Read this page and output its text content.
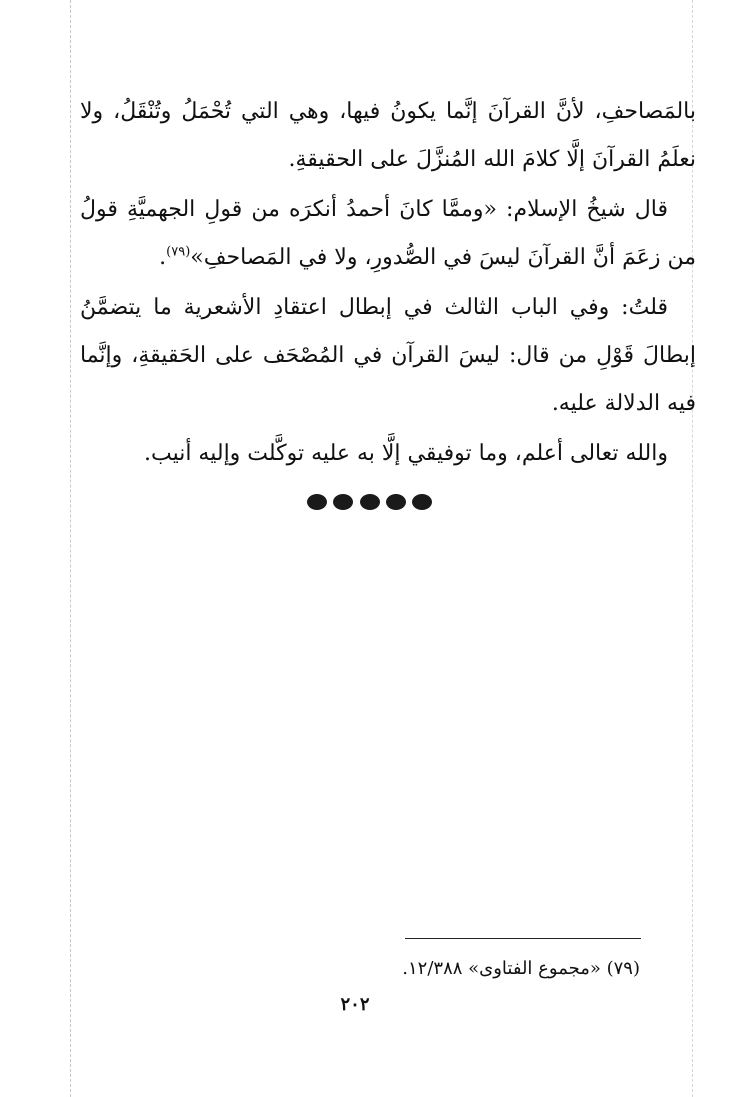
بالمَصاحفِ، لأنَّ القرآنَ إنَّما يكونُ فيها، وهي التي تُحْمَلُ وتُنْقَلُ، ولا نعلَمُ القرآنَ إلَّا كلامَ الله المُنزَّلَ على الحقيقةِ.

قال شيخُ الإسلام: «وممَّا كانَ أحمدُ أنكرَه من قولِ الجهميَّةِ قولُ من زعَمَ أنَّ القرآنَ ليسَ في الصُّدورِ، ولا في المَصاحفِ»$^{(٧٩)}$.

قلتُ: وفي الباب الثالث في إبطال اعتقادِ الأشعرية ما يتضمَّنُ إبطالَ قَوْلِ من قال: ليسَ القرآن في المُصْحَف على الحَقيقةِ، وإنَّما فيه الدلالة عليه.

والله تعالى أعلم، وما توفيقي إلَّا به عليه توكَّلت وإليه أنيب.

(٧٩) «مجموع الفتاوى» ١٢/٣٨٨.
٢٠٢
